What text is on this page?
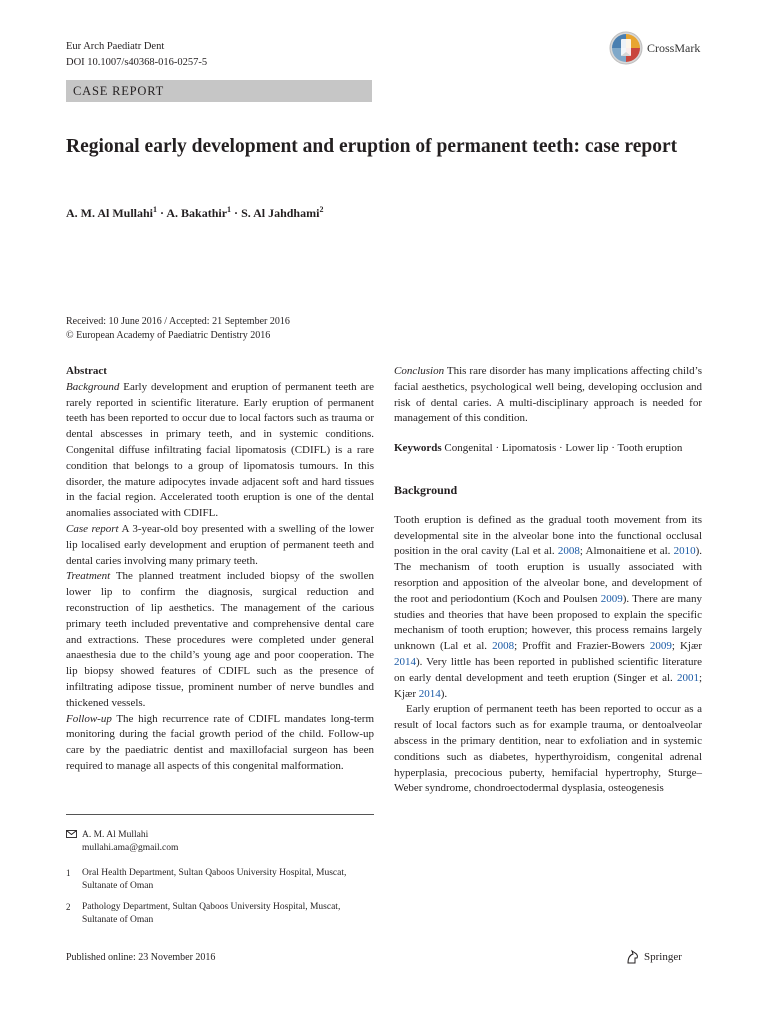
Eur Arch Paediatr Dent
DOI 10.1007/s40368-016-0257-5
CrossMark
CASE REPORT
Regional early development and eruption of permanent teeth: case report
A. M. Al Mullahi$^1$ · A. Bakathir$^1$ · S. Al Jahdhami$^2$
Received: 10 June 2016 / Accepted: 21 September 2016
© European Academy of Paediatric Dentistry 2016

Abstract

Background Early development and eruption of permanent teeth are rarely reported in scientific literature. Early eruption of permanent teeth has been reported to occur due to local factors such as trauma or dental abscesses in primary teeth, and in systemic conditions. Congenital diffuse infiltrating facial lipomatosis (CDIFL) is a rare condition that belongs to a group of lipomatosis tumours. In this disorder, the mature adipocytes invade adjacent soft and hard tissues in the facial region. Accelerated tooth eruption is one of the dental anomalies associated with CDIFL.

Case report A 3-year-old boy presented with a swelling of the lower lip localised early development and eruption of permanent teeth and dental caries involving many primary teeth.

Treatment The planned treatment included biopsy of the swollen lower lip to confirm the diagnosis, surgical reduction and reconstruction of lip aesthetics. The management of the carious primary teeth included preventative and comprehensive dental care and extractions. These procedures were completed under general anaesthesia due to the child’s young age and poor cooperation. The lip biopsy showed features of CDIFL such as the presence of infiltrating adipose tissue, prominent number of nerve bundles and thickened vessels.

Follow-up The high recurrence rate of CDIFL mandates long-term monitoring during the facial growth period of the child. Follow-up care by the paediatric dentist and maxillofacial surgeon has been required to manage all aspects of this congenital malformation.

A. M. Al Mullahi
mullahi.ama@gmail.com
1	Oral Health Department, Sultan Qaboos University Hospital, Muscat, Sultanate of Oman
2	Pathology Department, Sultan Qaboos University Hospital, Muscat, Sultanate of Oman

Conclusion This rare disorder has many implications affecting child’s facial aesthetics, psychological well being, developing occlusion and risk of dental caries. A multi-disciplinary approach is needed for management of this condition.

Keywords Congenital · Lipomatosis · Lower lip · Tooth eruption

Background

Tooth eruption is defined as the gradual tooth movement from its developmental site in the alveolar bone into the functional occlusal position in the oral cavity (Lal et al. 2008; Almonaitiene et al. 2010). The mechanism of tooth eruption is usually associated with resorption and apposition of the alveolar bone, and development of the root and periodontium (Koch and Poulsen 2009). There are many studies and theories that have been proposed to explain the specific mechanism of tooth eruption; however, this process remains largely unknown (Lal et al. 2008; Proffit and Frazier-Bowers 2009; Kjær 2014). Very little has been reported in published scientific literature on early dental development and teeth eruption (Singer et al. 2001; Kjær 2014).

Early eruption of permanent teeth has been reported to occur as a result of local factors such as for example trauma, or dentoalveolar abscess in the primary dentition, near to exfoliation and in systemic conditions such as diabetes, hyperthyroidism, congenital adrenal hyperplasia, precocious puberty, hemifacial hypertrophy, Sturge–Weber syndrome, chondroectodermal dysplasia, osteogenesis

Published online: 23 November 2016	Springer
